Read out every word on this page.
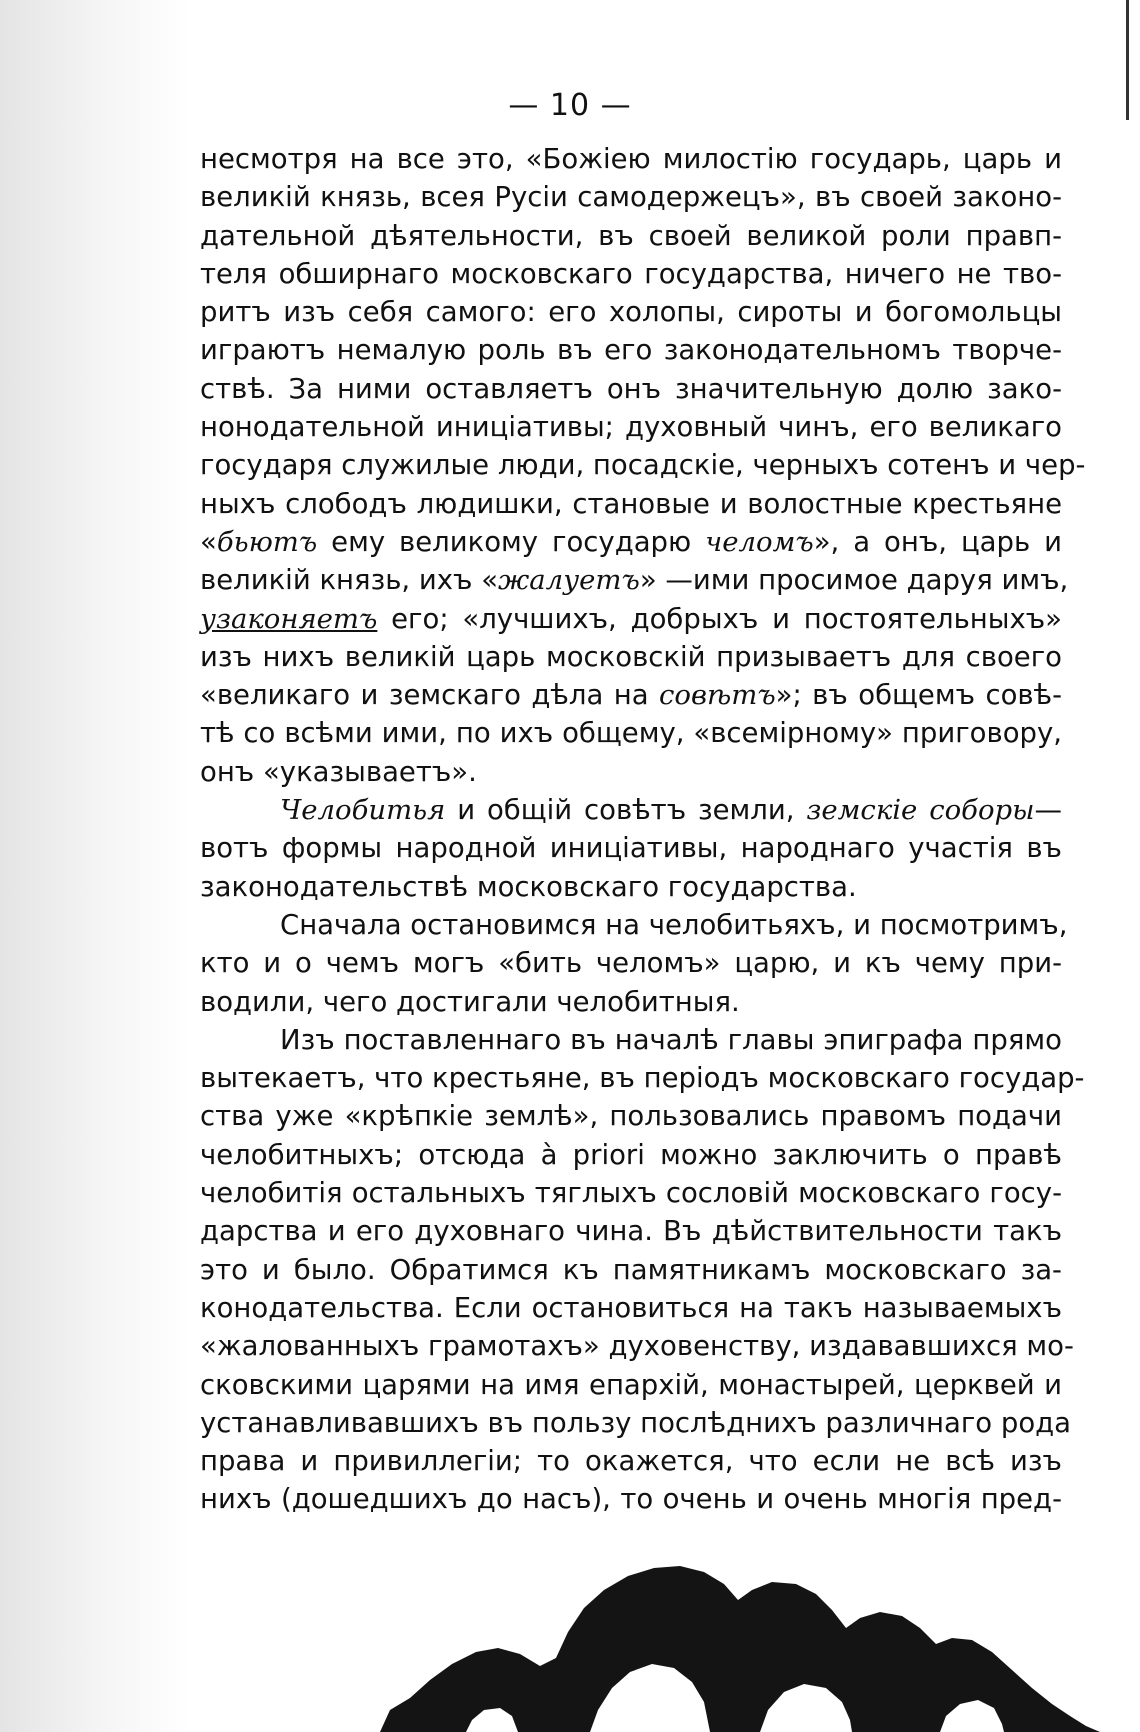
— 10 —
несмотря на все это, «Божіею милостію государь, царь и
великій князь, всея Русіи самодержецъ», въ своей законо-
дательной дѣятельности, въ своей великой роли правп-
теля обширнаго московскаго государства, ничего не тво-
ритъ изъ себя самого: его холопы, сироты и богомольцы
играютъ немалую роль въ его законодательномъ творче-
ствѣ. За ними оставляетъ онъ значительную долю зако-
нонодательной иниціативы; духовный чинъ, его великаго
государя служилые люди, посадскіе, черныхъ сотенъ и чер-
ныхъ слободъ людишки, становые и волостные крестьяне
«бьютъ ему великому государю челомъ», а онъ, царь и
великій князь, ихъ «жалуетъ» —ими просимое даруя имъ,
узаконяетъ его; «лучшихъ, добрыхъ и постоятельныхъ»
изъ нихъ великій царь московскій призываетъ для своего
«великаго и земскаго дѣла на совѣтъ»; въ общемъ совѣ-
тѣ со всѣми ими, по ихъ общему, «всемірному» приговору,
онъ «указываетъ».
Челобитья и общій совѣтъ земли, земскіе соборы—
вотъ формы народной иниціативы, народнаго участія въ
законодательствѣ московскаго государства.
Сначала остановимся на челобитьяхъ, и посмотримъ,
кто и о чемъ могъ «бить челомъ» царю, и къ чему при-
водили, чего достигали челобитныя.
Изъ поставленнаго въ началѣ главы эпиграфа прямо
вытекаетъ, что крестьяне, въ періодъ московскаго государ-
ства уже «крѣпкіе землѣ», пользовались правомъ подачи
челобитныхъ; отсюда à priori можно заключить о правѣ
челобитія остальныхъ тяглыхъ сословій московскаго госу-
дарства и его духовнаго чина. Въ дѣйствительности такъ
это и было. Обратимся къ памятникамъ московскаго за-
конодательства. Если остановиться на такъ называемыхъ
«жалованныхъ грамотахъ» духовенству, издававшихся мо-
сковскими царями на имя епархій, монастырей, церквей и
устанавливавшихъ въ пользу послѣднихъ различнаго рода
права и привиллегіи; то окажется, что если не всѣ изъ
нихъ (дошедшихъ до насъ), то очень и очень многія пред-
